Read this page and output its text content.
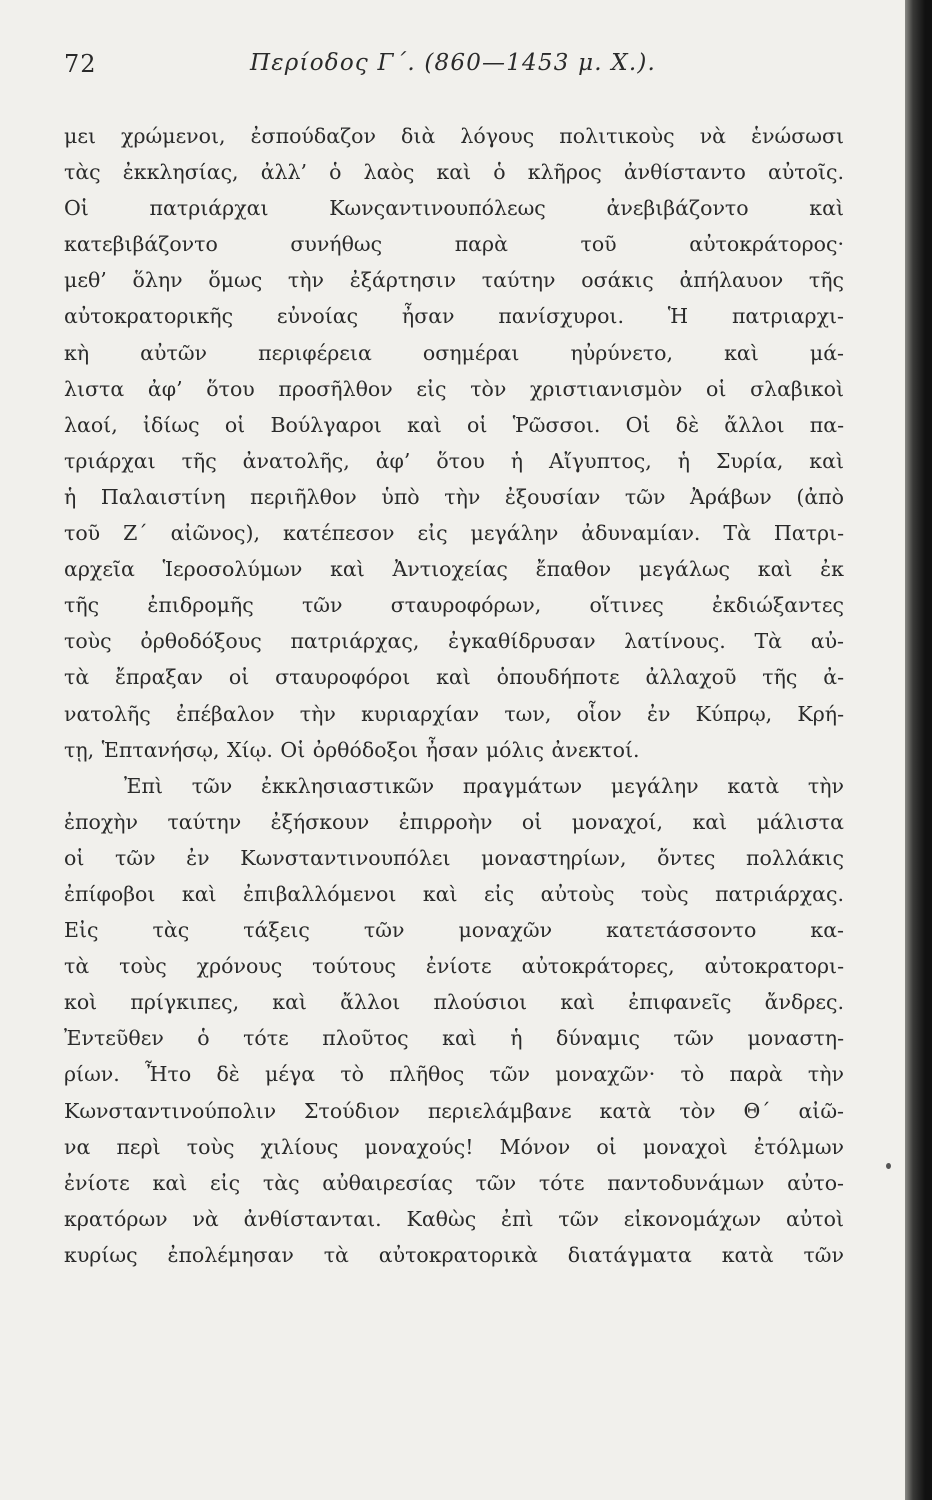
72	Περίοδος Γ΄. (860—1453 μ. Χ.).
μει χρώμενοι, ἐσπούδαζον διὰ λόγους πολιτικοὺς νὰ ἑνώσωσι
τὰς ἐκκλησίας, ἀλλ’ ὁ λαὸς καὶ ὁ κλῆρος ἀνθίσταντο αὐτοῖς.
Οἱ πατριάρχαι Κωνςαντινουπόλεως ἀνεβιβάζοντο καὶ
κατεβιβάζοντο συνήθως παρὰ τοῦ αὐτοκράτορος·
μεθ’ ὅλην ὅμως τὴν ἐξάρτησιν ταύτην οσάκις ἀπήλαυον τῆς
αὐτοκρατορικῆς εὐνοίας ἦσαν πανίσχυροι. Ἡ πατριαρχι-
κὴ αὐτῶν περιφέρεια οσημέραι ηὐρύνετο, καὶ μά-
λιστα ἀφ’ ὅτου προσῆλθον εἰς τὸν χριστιανισμὸν οἱ σλαβικοὶ
λαοί, ἰδίως οἱ Βούλγαροι καὶ οἱ Ῥῶσσοι. Οἱ δὲ ἄλλοι πα-
τριάρχαι τῆς ἀνατολῆς, ἀφ’ ὅτου ἡ Αἴγυπτος, ἡ Συρία, καὶ
ἡ Παλαιστίνη περιῆλθον ὑπὸ τὴν ἐξουσίαν τῶν Ἀράβων (ἀπὸ
τοῦ Ζ΄ αἰῶνος), κατέπεσον εἰς μεγάλην ἀδυναμίαν. Τὰ Πατρι-
αρχεῖα Ἱεροσολύμων καὶ Ἀντιοχείας ἔπαθον μεγάλως καὶ ἐκ
τῆς ἐπιδρομῆς τῶν σταυροφόρων, οἵτινες ἐκδιώξαντες
τοὺς ὀρθοδόξους πατριάρχας, ἐγκαθίδρυσαν λατίνους. Τὰ αὐ-
τὰ ἔπραξαν οἱ σταυροφόροι καὶ ὁπουδήποτε ἀλλαχοῦ τῆς ἀ-
νατολῆς ἐπέβαλον τὴν κυριαρχίαν των, οἷον ἐν Κύπρῳ, Κρή-
τῃ, Ἑπτανήσῳ, Χίῳ. Οἱ ὀρθόδοξοι ἦσαν μόλις ἀνεκτοί.
Ἐπὶ τῶν ἐκκλησιαστικῶν πραγμάτων μεγάλην κατὰ τὴν
ἐποχὴν ταύτην ἐξήσκουν ἐπιρροὴν οἱ μοναχοί, καὶ μάλιστα
οἱ τῶν ἐν Κωνσταντινουπόλει μοναστηρίων, ὄντες πολλάκις
ἐπίφοβοι καὶ ἐπιβαλλόμενοι καὶ εἰς αὐτοὺς τοὺς πατριάρχας.
Εἰς τὰς τάξεις τῶν μοναχῶν κατετάσσοντο κα-
τὰ τοὺς χρόνους τούτους ἐνίοτε αὐτοκράτορες, αὐτοκρατορι-
κοὶ πρίγκιπες, καὶ ἄλλοι πλούσιοι καὶ ἐπιφανεῖς ἄνδρες.
Ἐντεῦθεν ὁ τότε πλοῦτος καὶ ἡ δύναμις τῶν μοναστη-
ρίων. Ἦτο δὲ μέγα τὸ πλῆθος τῶν μοναχῶν· τὸ παρὰ τὴν
Κωνσταντινούπολιν Στούδιον περιελάμβανε κατὰ τὸν Θ΄ αἰῶ-
να περὶ τοὺς χιλίους μοναχούς! Μόνον οἱ μοναχοὶ ἐτόλμων
ἐνίοτε καὶ εἰς τὰς αὐθαιρεσίας τῶν τότε παντοδυνάμων αὐτο-
κρατόρων νὰ ἀνθίστανται. Καθὼς ἐπὶ τῶν εἰκονομάχων αὐτοὶ
κυρίως ἐπολέμησαν τὰ αὐτοκρατορικὰ διατάγματα κατὰ τῶν
